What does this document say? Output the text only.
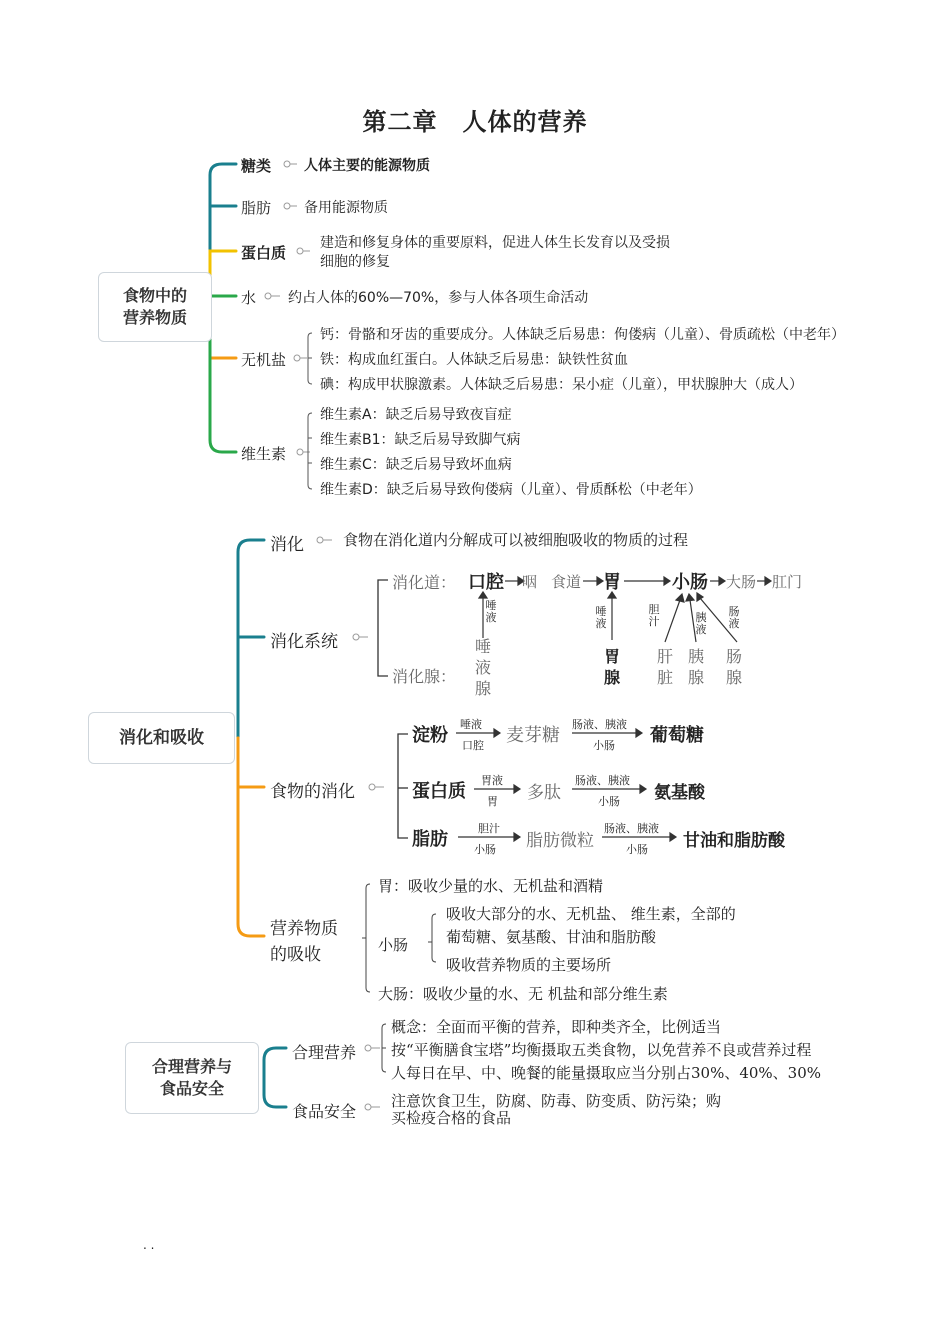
第二章　人体的营养
食物中的营养物质
糖类 人体主要的能源物质
脂肪 备用能源物质
蛋白质
建造和修复身体的重要原料，促进人体生长发育以及受损
细胞的修复
水 约占人体的60%—70%，参与人体各项生命活动
无机盐
钙：骨骼和牙齿的重要成分。人体缺乏后易患：佝偻病（儿童）、骨质疏松（中老年）
铁：构成血红蛋白。人体缺乏后易患：缺铁性贫血
碘：构成甲状腺激素。人体缺乏后易患：呆小症（儿童），甲状腺肿大（成人）
维生素
维生素A：缺乏后易导致夜盲症
维生素B1：缺乏后易导致脚气病
维生素C：缺乏后易导致坏血病
维生素D：缺乏后易导致佝偻病（儿童）、骨质酥松（中老年）
消化和吸收
消化	食物在消化道内分解成可以被细胞吸收的物质的过程
消化系统
消化道： 口腔 咽 食道 胃	小肠 大肠 肛门
唾液	唾液
胆汁	胰液
肠液
消化腺：
唾液腺
胃腺
肝脏
胰腺
肠腺
食物的消化
淀粉
唾液
口腔 麦芽糖
肠液、胰液
小肠 葡萄糖
蛋白质
胃液
胃 多肽
肠液、胰液
小肠 氨基酸
脂肪
胆汁
小肠 脂肪微粒
肠液、胰液
小肠 甘油和脂肪酸
营养物质
的吸收
胃：吸收少量的水、无机盐和酒精
小肠
吸收大部分的水、无机盐、 维生素，全部的
葡萄糖、氨基酸、甘油和脂肪酸
吸收营养物质的主要场所
大肠：吸收少量的水、无 机盐和部分维生素
合理营养与
食品安全
合理营养
概念：全面而平衡的营养，即种类齐全，比例适当
按“平衡膳食宝塔”均衡摄取五类食物，以免营养不良或营养过程
人每日在早、中、晚餐的能量摄取应当分别占30%、40%、30%
食品安全
注意饮食卫生，防腐、防毒、防变质、防污染；购
买检疫合格的食品
. .
